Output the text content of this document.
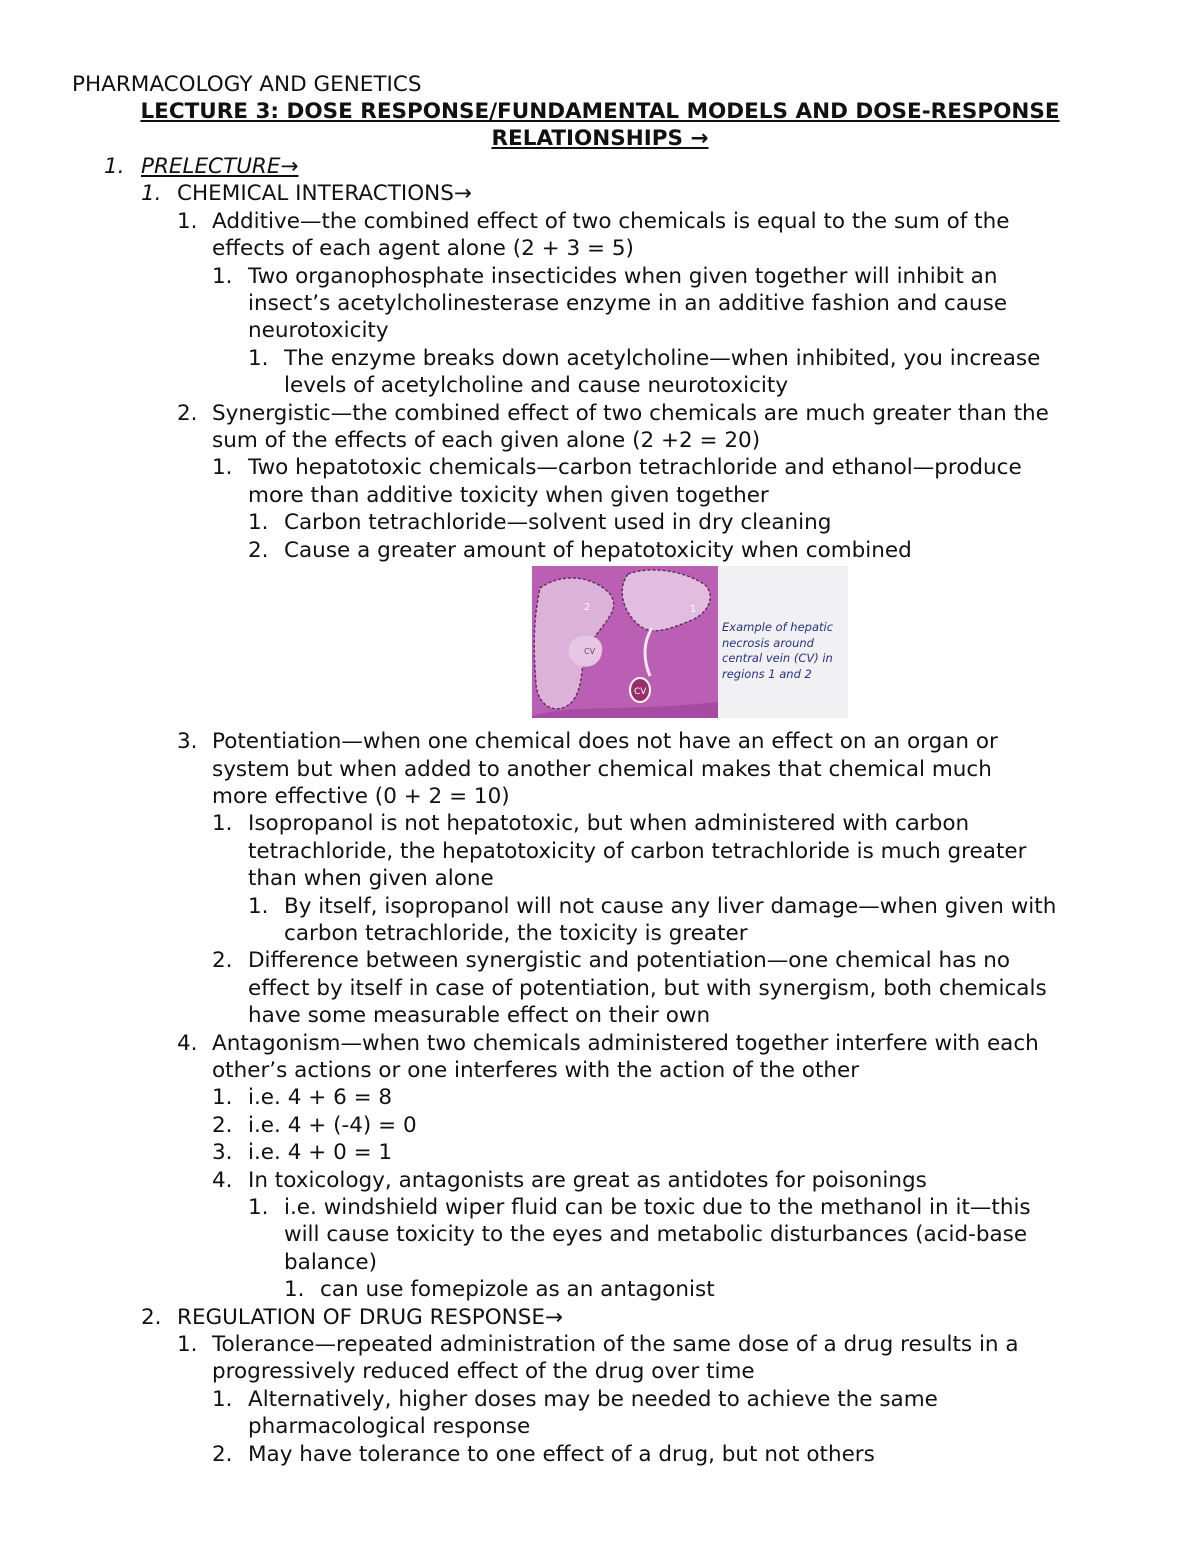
PHARMACOLOGY AND GENETICS
LECTURE 3: DOSE RESPONSE/FUNDAMENTAL MODELS AND DOSE-RESPONSE RELATIONSHIPS →
1. PRELECTURE→
1. CHEMICAL INTERACTIONS→
1. Additive—the combined effect of two chemicals is equal to the sum of the
effects of each agent alone (2 + 3 = 5)
1. Two organophosphate insecticides when given together will inhibit an
insect’s acetylcholinesterase enzyme in an additive fashion and cause
neurotoxicity
1. The enzyme breaks down acetylcholine—when inhibited, you increase
levels of acetylcholine and cause neurotoxicity
2. Synergistic—the combined effect of two chemicals are much greater than the
sum of the effects of each given alone (2 +2 = 20)
1. Two hepatotoxic chemicals—carbon tetrachloride and ethanol—produce
more than additive toxicity when given together
1. Carbon tetrachloride—solvent used in dry cleaning
2. Cause a greater amount of hepatotoxicity when combined
2	1
CV
CV
Example of hepatic necrosis around central vein (CV) in regions 1 and 2
3. Potentiation—when one chemical does not have an effect on an organ or
system but when added to another chemical makes that chemical much
more effective (0 + 2 = 10)
1. Isopropanol is not hepatotoxic, but when administered with carbon
tetrachloride, the hepatotoxicity of carbon tetrachloride is much greater
than when given alone
1. By itself, isopropanol will not cause any liver damage—when given with
carbon tetrachloride, the toxicity is greater
2. Difference between synergistic and potentiation—one chemical has no
effect by itself in case of potentiation, but with synergism, both chemicals
have some measurable effect on their own
4. Antagonism—when two chemicals administered together interfere with each
other’s actions or one interferes with the action of the other
1. i.e. 4 + 6 = 8
2. i.e. 4 + (-4) = 0
3. i.e. 4 + 0 = 1
4. In toxicology, antagonists are great as antidotes for poisonings
1. i.e. windshield wiper fluid can be toxic due to the methanol in it—this
will cause toxicity to the eyes and metabolic disturbances (acid-base
balance)
1. can use fomepizole as an antagonist
2. REGULATION OF DRUG RESPONSE→
1. Tolerance—repeated administration of the same dose of a drug results in a
progressively reduced effect of the drug over time
1. Alternatively, higher doses may be needed to achieve the same
pharmacological response
2. May have tolerance to one effect of a drug, but not others
